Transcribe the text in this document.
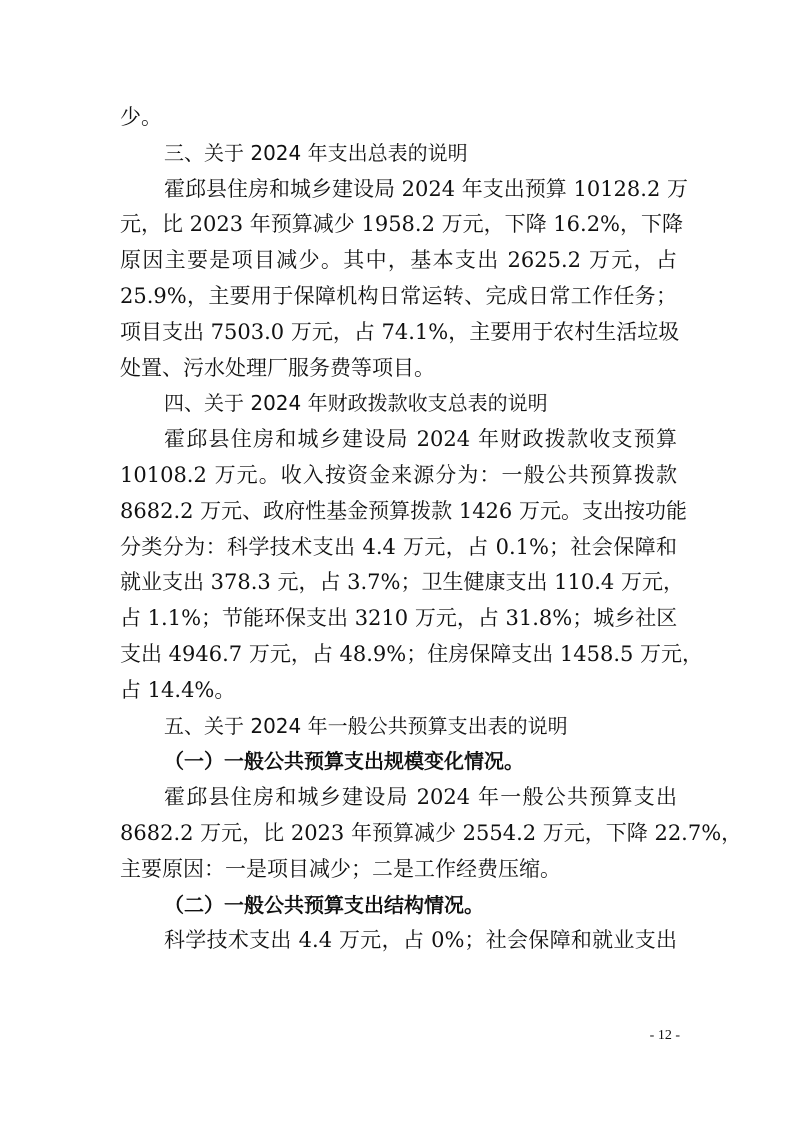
少。
三、关于 2024 年支出总表的说明
霍邱县住房和城乡建设局 2024 年支出预算 10128.2 万
元，比 2023 年预算减少 1958.2 万元，下降 16.2%，下降
原因主要是项目减少。其中，基本支出 2625.2 万元，占
25.9%，主要用于保障机构日常运转、完成日常工作任务；
项目支出 7503.0 万元，占 74.1%，主要用于农村生活垃圾
处置、污水处理厂服务费等项目。
四、关于 2024 年财政拨款收支总表的说明
霍邱县住房和城乡建设局 2024 年财政拨款收支预算
10108.2 万元。收入按资金来源分为：一般公共预算拨款
8682.2 万元、政府性基金预算拨款 1426 万元。支出按功能
分类分为：科学技术支出 4.4 万元，占 0.1%；社会保障和
就业支出 378.3 元，占 3.7%；卫生健康支出 110.4 万元，
占 1.1%；节能环保支出 3210 万元，占 31.8%；城乡社区
支出 4946.7 万元，占 48.9%；住房保障支出 1458.5 万元，
占 14.4%。
五、关于 2024 年一般公共预算支出表的说明
（一）一般公共预算支出规模变化情况。
霍邱县住房和城乡建设局 2024 年一般公共预算支出
8682.2 万元，比 2023 年预算减少 2554.2 万元，下降 22.7%，
主要原因：一是项目减少；二是工作经费压缩。
（二）一般公共预算支出结构情况。
科学技术支出 4.4 万元，占 0%；社会保障和就业支出
- 12 -
